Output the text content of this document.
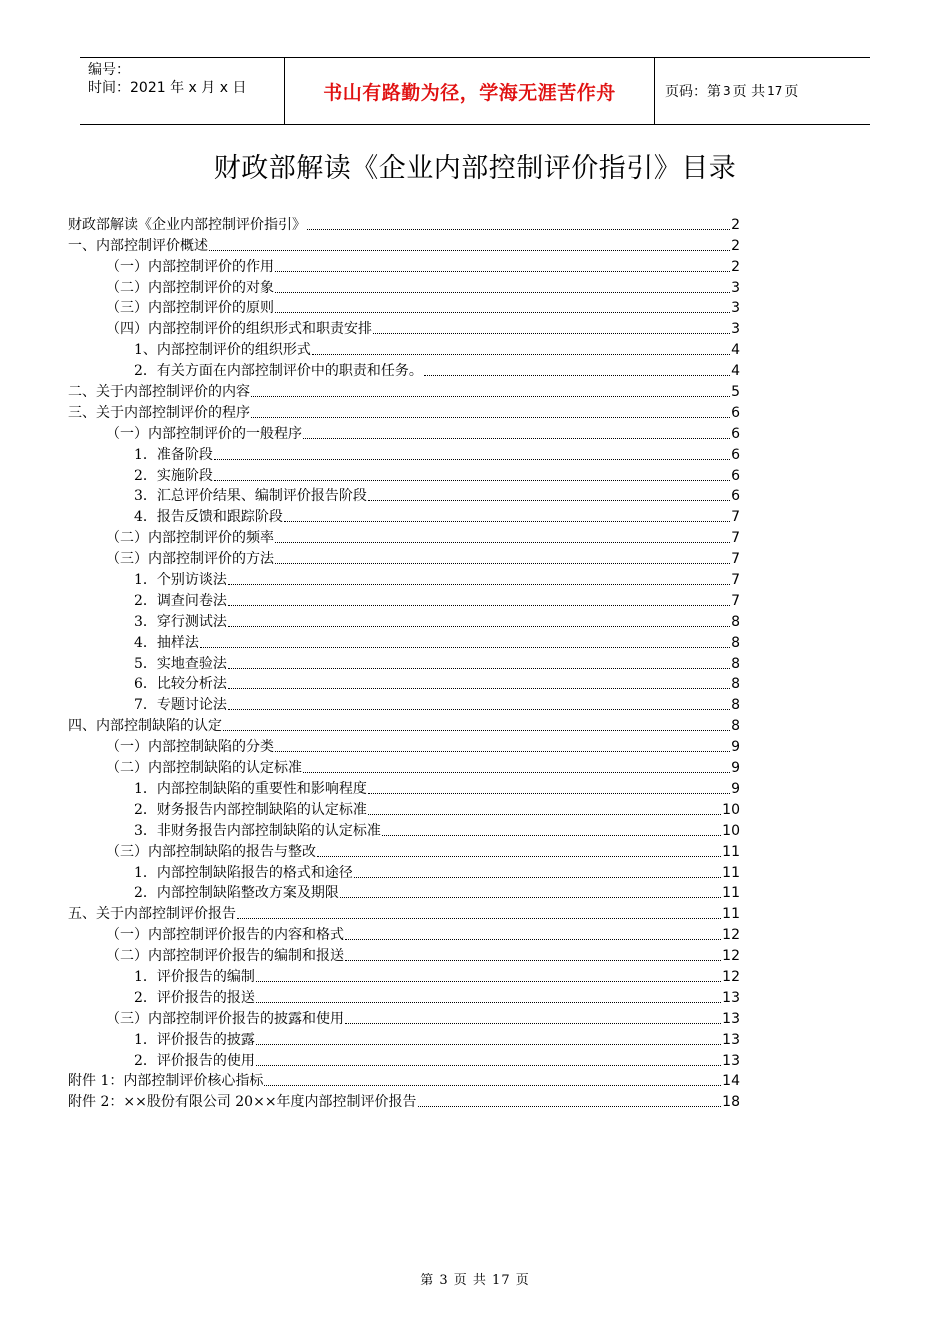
编号：
时间：2021 年 x 月 x 日	书山有路勤为径，学海无涯苦作舟	页码：第 3 页 共 17 页
财政部解读《企业内部控制评价指引》目录
财政部解读《企业内部控制评价指引》	2
一、内部控制评价概述	2
（一）内部控制评价的作用	2
（二）内部控制评价的对象	3
（三）内部控制评价的原则	3
（四）内部控制评价的组织形式和职责安排	3
1、内部控制评价的组织形式	4
2．有关方面在内部控制评价中的职责和任务。	4
二、关于内部控制评价的内容	5
三、关于内部控制评价的程序	6
（一）内部控制评价的一般程序	6
1．准备阶段	6
2．实施阶段	6
3．汇总评价结果、编制评价报告阶段	6
4．报告反馈和跟踪阶段	7
（二）内部控制评价的频率	7
（三）内部控制评价的方法	7
1．个别访谈法	7
2．调查问卷法	7
3．穿行测试法	8
4．抽样法	8
5．实地查验法	8
6．比较分析法	8
7．专题讨论法	8
四、内部控制缺陷的认定	8
（一）内部控制缺陷的分类	9
（二）内部控制缺陷的认定标准	9
1．内部控制缺陷的重要性和影响程度	9
2．财务报告内部控制缺陷的认定标准	10
3．非财务报告内部控制缺陷的认定标准	10
（三）内部控制缺陷的报告与整改	11
1．内部控制缺陷报告的格式和途径	11
2．内部控制缺陷整改方案及期限	11
五、关于内部控制评价报告	11
（一）内部控制评价报告的内容和格式	12
（二）内部控制评价报告的编制和报送	12
1．评价报告的编制	12
2．评价报告的报送	13
（三）内部控制评价报告的披露和使用	13
1．评价报告的披露	13
2．评价报告的使用	13
附件 1：内部控制评价核心指标	14
附件 2：××股份有限公司 20××年度内部控制评价报告	18
第 3 页 共 17 页
